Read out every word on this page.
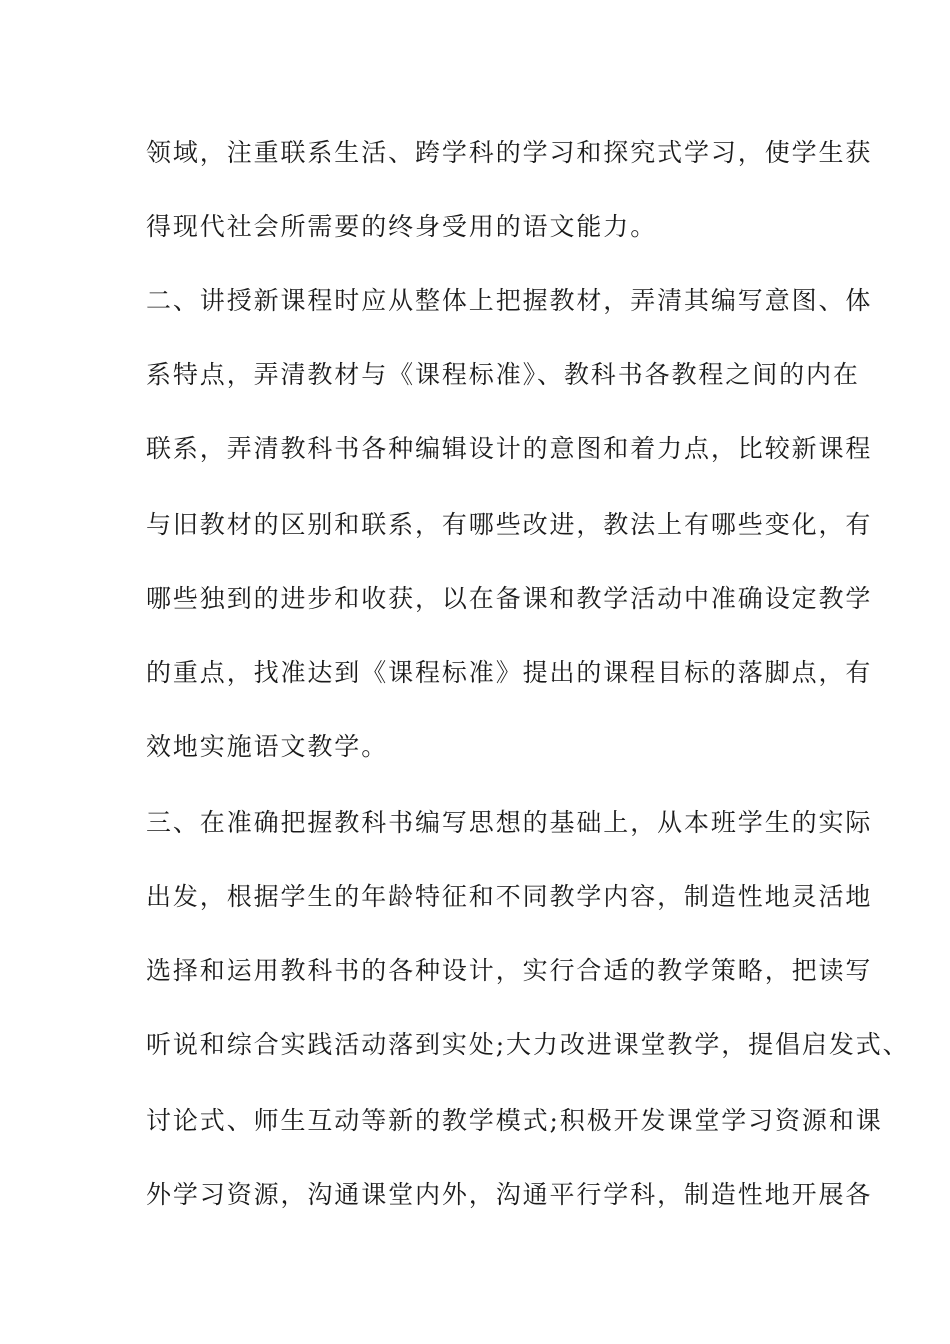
领域，注重联系生活、跨学科的学习和探究式学习，使学生获
得现代社会所需要的终身受用的语文能力。
二、讲授新课程时应从整体上把握教材，弄清其编写意图、体
系特点，弄清教材与《课程标准》、教科书各教程之间的内在
联系，弄清教科书各种编辑设计的意图和着力点，比较新课程
与旧教材的区别和联系，有哪些改进，教法上有哪些变化，有
哪些独到的进步和收获，以在备课和教学活动中准确设定教学
的重点，找准达到《课程标准》提出的课程目标的落脚点，有
效地实施语文教学。
三、在准确把握教科书编写思想的基础上，从本班学生的实际
出发，根据学生的年龄特征和不同教学内容，制造性地灵活地
选择和运用教科书的各种设计，实行合适的教学策略，把读写
听说和综合实践活动落到实处;大力改进课堂教学，提倡启发式、
讨论式、师生互动等新的教学模式;积极开发课堂学习资源和课
外学习资源，沟通课堂内外，沟通平行学科，制造性地开展各
